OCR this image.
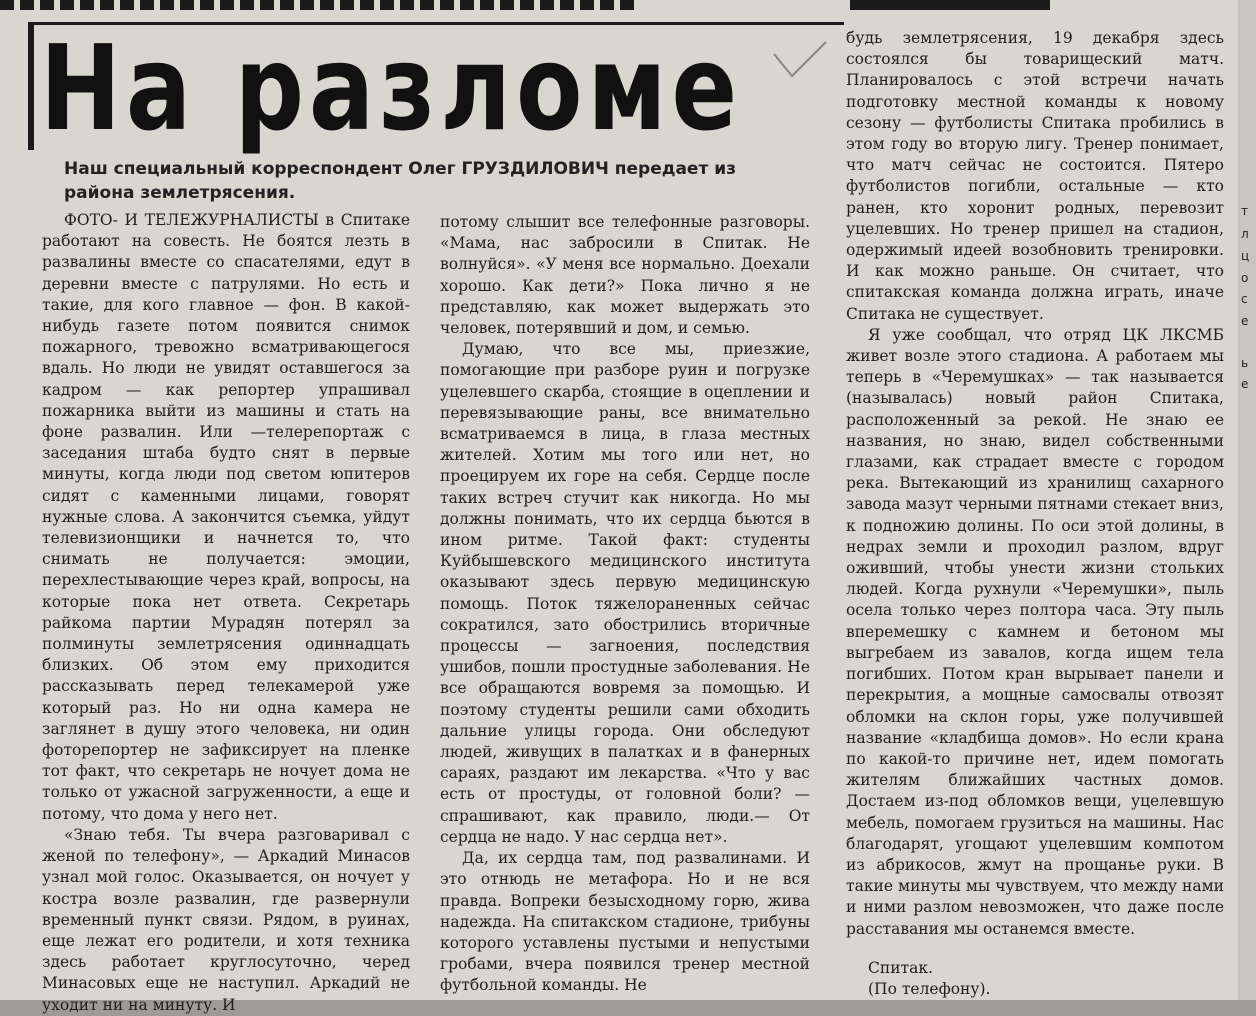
т
л
ц
о
с
е
ь
е
На разломе

Наш специальный корреспондент Олег ГРУЗДИЛОВИЧ передает из района землетрясения.

ФОТО- И ТЕЛЕЖУРНАЛИСТЫ в Спитаке работают на совесть. Не боятся лезть в развалины вместе со спасателями, едут в деревни вместе с патрулями. Но есть и такие, для кого главное — фон. В какой-нибудь газете потом появится снимок пожарного, тревожно всматривающегося вдаль. Но люди не увидят оставшегося за кадром — как репортер упрашивал пожарника выйти из машины и стать на фоне развалин. Или —телерепортаж с заседания штаба будто снят в первые минуты, когда люди под светом юпитеров сидят с каменными лицами, говорят нужные слова. А закончится съемка, уйдут телевизионщики и начнется то, что снимать не получается: эмоции, перехлестывающие через край, вопросы, на которые пока нет ответа. Секретарь райкома партии Мурадян потерял за полминуты землетрясения одиннадцать близких. Об этом ему приходится рассказывать перед телекамерой уже который раз. Но ни одна камера не заглянет в душу этого человека, ни один фоторепортер не зафиксирует на пленке тот факт, что секретарь не ночует дома не только от ужасной загруженности, а еще и потому, что дома у него нет.

«Знаю тебя. Ты вчера разговаривал с женой по телефону», — Аркадий Минасов узнал мой голос. Оказывается, он ночует у костра возле развалин, где развернули временный пункт связи. Рядом, в руинах, еще лежат его родители, и хотя техника здесь работает круглосуточно, черед Минасовых еще не наступил. Аркадий не уходит ни на минуту. И

потому слышит все телефонные разговоры. «Мама, нас забросили в Спитак. Не волнуйся». «У меня все нормально. Доехали хорошо. Как дети?» Пока лично я не представляю, как может выдержать это человек, потерявший и дом, и семью.

Думаю, что все мы, приезжие, помогающие при разборе руин и погрузке уцелевшего скарба, стоящие в оцеплении и перевязывающие раны, все внимательно всматриваемся в лица, в глаза местных жителей. Хотим мы того или нет, но проецируем их горе на себя. Сердце после таких встреч стучит как никогда. Но мы должны понимать, что их сердца бьются в ином ритме. Такой факт: студенты Куйбышевского медицинского института оказывают здесь первую медицинскую помощь. Поток тяжелораненных сейчас сократился, зато обострились вторичные процессы — загноения, последствия ушибов, пошли простудные заболевания. Не все обращаются вовремя за помощью. И поэтому студенты решили сами обходить дальние улицы города. Они обследуют людей, живущих в палатках и в фанерных сараях, раздают им лекарства. «Что у вас есть от простуды, от головной боли? — спрашивают, как правило, люди.— От сердца не надо. У нас сердца нет».

Да, их сердца там, под развалинами. И это отнюдь не метафора. Но и не вся правда. Вопреки безысходному горю, жива надежда. На спитакском стадионе, трибуны которого уставлены пустыми и непустыми гробами, вчера появился тренер местной футбольной команды. Не

будь землетрясения, 19 декабря здесь состоялся бы товарищеский матч. Планировалось с этой встречи начать подготовку местной команды к новому сезону — футболисты Спитака пробились в этом году во вторую лигу. Тренер понимает, что матч сейчас не состоится. Пятеро футболистов погибли, остальные — кто ранен, кто хоронит родных, перевозит уцелевших. Но тренер пришел на стадион, одержимый идеей возобновить тренировки. И как можно раньше. Он считает, что спитакская команда должна играть, иначе Спитака не существует.

Я уже сообщал, что отряд ЦК ЛКСМБ живет возле этого стадиона. А работаем мы теперь в «Черемушках» — так называется (называлась) новый район Спитака, расположенный за рекой. Не знаю ее названия, но знаю, видел собственными глазами, как страдает вместе с городом река. Вытекающий из хранилищ сахарного завода мазут черными пятнами стекает вниз, к подножию долины. По оси этой долины, в недрах земли и проходил разлом, вдруг оживший, чтобы унести жизни стольких людей. Когда рухнули «Черемушки», пыль осела только через полтора часа. Эту пыль вперемешку с камнем и бетоном мы выгребаем из завалов, когда ищем тела погибших. Потом кран вырывает панели и перекрытия, а мощные самосвалы отвозят обломки на склон горы, уже получившей название «кладбища домов». Но если крана по какой-то причине нет, идем помогать жителям ближайших частных домов. Достаем из-под обломков вещи, уцелевшую мебель, помогаем грузиться на машины. Нас благодарят, угощают уцелевшим компотом из абрикосов, жмут на прощанье руки. В такие минуты мы чувствуем, что между нами и ними разлом невозможен, что даже после расставания мы останемся вместе.

Спитак.
(По телефону).
